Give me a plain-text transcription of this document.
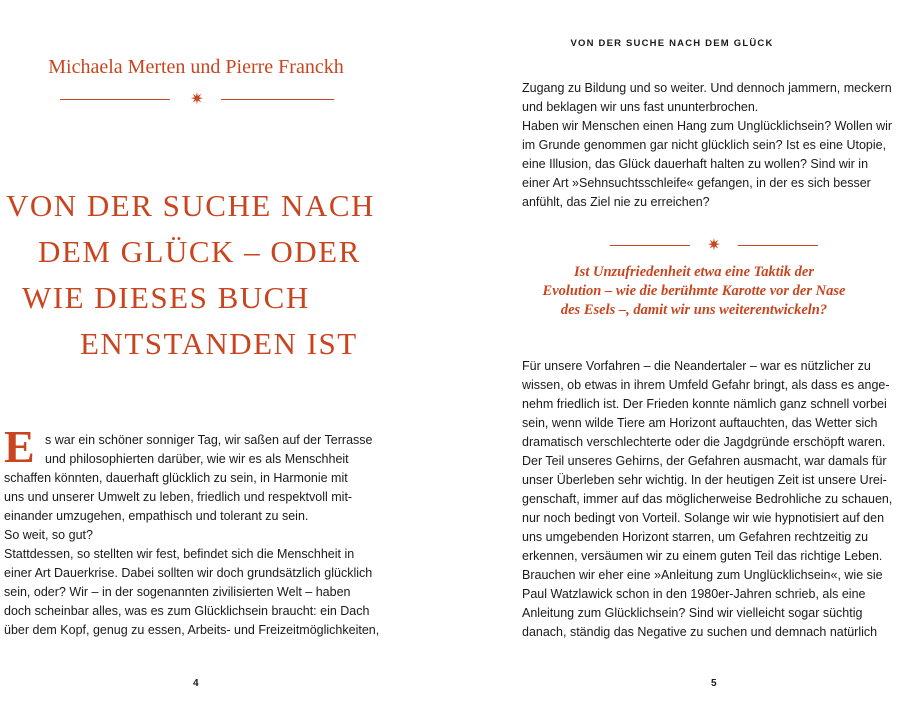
Michaela Merten und Pierre Franckh
✷
VON DER SUCHE NACH
DEM GLÜCK – ODER
WIE DIESES BUCH
ENTSTANDEN IST
E s war ein schöner sonniger Tag, wir saßen auf der Terrasse
und philosophierten darüber, wie wir es als Menschheit
schaffen könnten, dauerhaft glücklich zu sein, in Harmonie mit
uns und unserer Umwelt zu leben, friedlich und respektvoll mit-
einander umzugehen, empathisch und tolerant zu sein.
So weit, so gut?
Stattdessen, so stellten wir fest, befindet sich die Menschheit in
einer Art Dauerkrise. Dabei sollten wir doch grundsätzlich glücklich
sein, oder? Wir – in der sogenannten zivilisierten Welt – haben
doch scheinbar alles, was es zum Glücklichsein braucht: ein Dach
über dem Kopf, genug zu essen, Arbeits- und Freizeitmöglichkeiten,
4
VON DER SUCHE NACH DEM GLÜCK
Zugang zu Bildung und so weiter. Und dennoch jammern, meckern
und beklagen wir uns fast ununterbrochen.
Haben wir Menschen einen Hang zum Unglücklichsein? Wollen wir
im Grunde genommen gar nicht glücklich sein? Ist es eine Utopie,
eine Illusion, das Glück dauerhaft halten zu wollen? Sind wir in
einer Art »Sehnsuchtsschleife« gefangen, in der es sich besser
anfühlt, das Ziel nie zu erreichen?
✷
Ist Unzufriedenheit etwa eine Taktik der
Evolution – wie die berühmte Karotte vor der Nase
des Esels –, damit wir uns weiterentwickeln?
Für unsere Vorfahren – die Neandertaler – war es nützlicher zu
wissen, ob etwas in ihrem Umfeld Gefahr bringt, als dass es ange-
nehm friedlich ist. Der Frieden konnte nämlich ganz schnell vorbei
sein, wenn wilde Tiere am Horizont auftauchten, das Wetter sich
dramatisch verschlechterte oder die Jagdgründe erschöpft waren.
Der Teil unseres Gehirns, der Gefahren ausmacht, war damals für
unser Überleben sehr wichtig. In der heutigen Zeit ist unsere Urei-
genschaft, immer auf das möglicherweise Bedrohliche zu schauen,
nur noch bedingt von Vorteil. Solange wir wie hypnotisiert auf den
uns umgebenden Horizont starren, um Gefahren rechtzeitig zu
erkennen, versäumen wir zu einem guten Teil das richtige Leben.
Brauchen wir eher eine »Anleitung zum Unglücklichsein«, wie sie
Paul Watzlawick schon in den 1980er-Jahren schrieb, als eine
Anleitung zum Glücklichsein? Sind wir vielleicht sogar süchtig
danach, ständig das Negative zu suchen und demnach natürlich
5
